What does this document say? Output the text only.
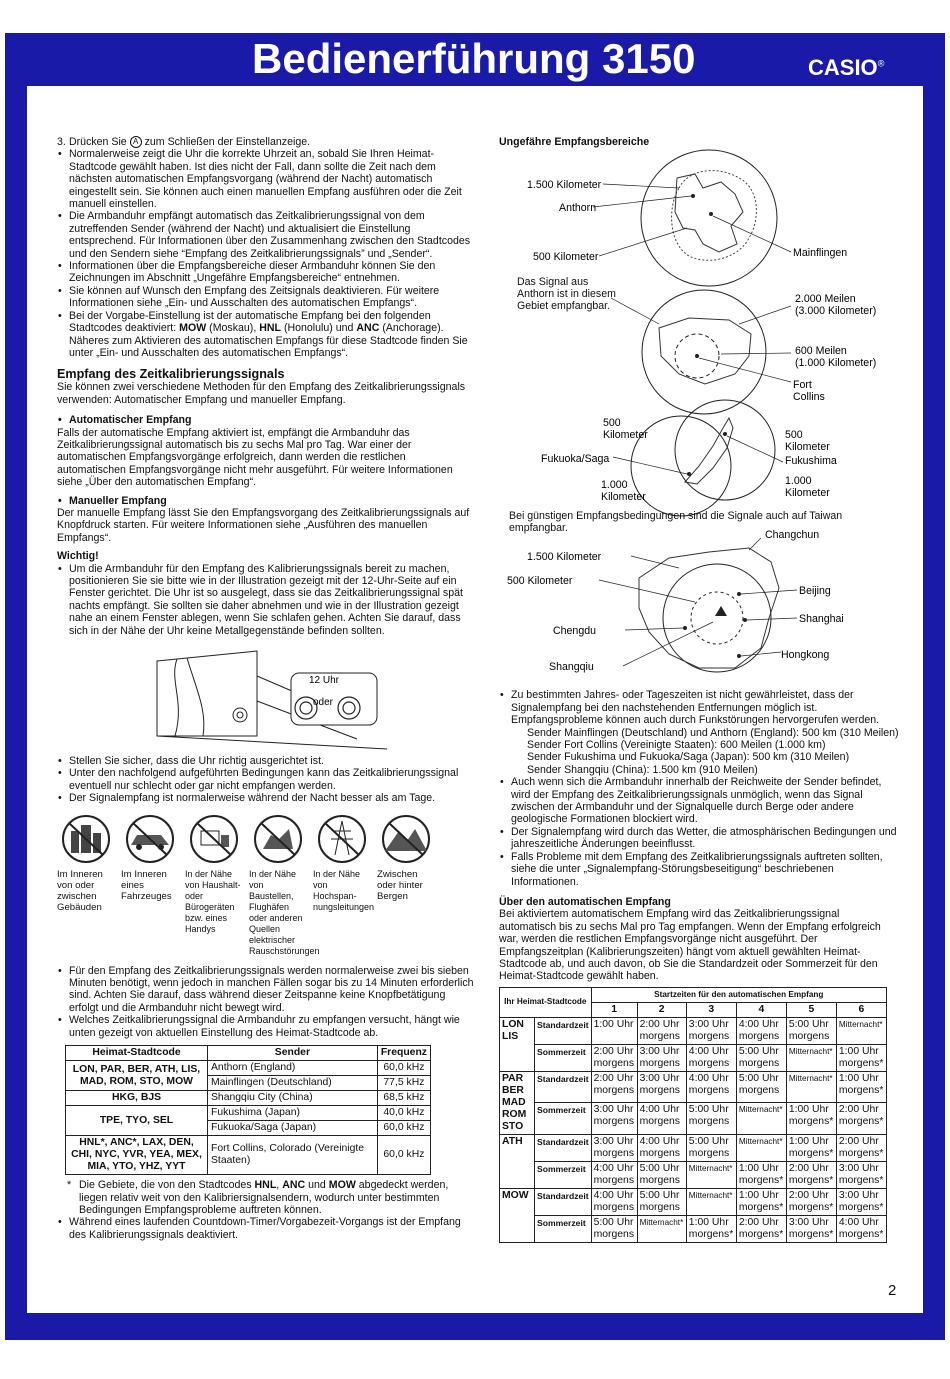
Bedienerführung 3150	CASIO®

3. Drücken Sie A zum Schließen der Einstellanzeige.

• Normalerweise zeigt die Uhr die korrekte Uhrzeit an, sobald Sie Ihren Heimat-Stadtcode gewählt haben. Ist dies nicht der Fall, dann sollte die Zeit nach dem nächsten automatischen Empfangsvorgang (während der Nacht) automatisch eingestellt sein. Sie können auch einen manuellen Empfang ausführen oder die Zeit manuell einstellen.

• Die Armbanduhr empfängt automatisch das Zeitkalibrierungssignal von dem zutreffenden Sender (während der Nacht) und aktualisiert die Einstellung entsprechend. Für Informationen über den Zusammenhang zwischen den Stadtcodes und den Sendern siehe “Empfang des Zeitkalibrierungssignals” und „Sender“.

• Informationen über die Empfangsbereiche dieser Armbanduhr können Sie den Zeichnungen im Abschnitt „Ungefähre Empfangsbereiche“ entnehmen.

• Sie können auf Wunsch den Empfang des Zeitsignals deaktivieren. Für weitere Informationen siehe „Ein- und Ausschalten des automatischen Empfangs“.

• Bei der Vorgabe-Einstellung ist der automatische Empfang bei den folgenden Stadtcodes deaktiviert: MOW (Moskau), HNL (Honolulu) und ANC (Anchorage). Näheres zum Aktivieren des automatischen Empfangs für diese Stadtcode finden Sie unter „Ein- und Ausschalten des automatischen Empfangs“.

Empfang des Zeitkalibrierungssignals

Sie können zwei verschiedene Methoden für den Empfang des Zeitkalibrierungssignals verwenden: Automatischer Empfang und manueller Empfang.

• Automatischer Empfang

Falls der automatische Empfang aktiviert ist, empfängt die Armbanduhr das Zeitkalibrierungssignal automatisch bis zu sechs Mal pro Tag. War einer der automatischen Empfangsvorgänge erfolgreich, dann werden die restlichen automatischen Empfangsvorgänge nicht mehr ausgeführt. Für weitere Informationen siehe „Über den automatischen Empfang“.

• Manueller Empfang

Der manuelle Empfang lässt Sie den Empfangsvorgang des Zeitkalibrierungssignals auf Knopfdruck starten. Für weitere Informationen siehe „Ausführen des manuellen Empfangs“.

Wichtig!

• Um die Armbanduhr für den Empfang des Kalibrierungssignals bereit zu machen, positionieren Sie sie bitte wie in der Illustration gezeigt mit der 12-Uhr-Seite auf ein Fenster gerichtet. Die Uhr ist so ausgelegt, dass sie das Zeitkalibrierungssignal spät nachts empfängt. Sie sollten sie daher abnehmen und wie in der Illustration gezeigt nahe an einem Fenster ablegen, wenn Sie schlafen gehen. Achten Sie darauf, dass sich in der Nähe der Uhr keine Metallgegenstände befinden sollten.

12 Uhr
oder

• Stellen Sie sicher, dass die Uhr richtig ausgerichtet ist.

• Unter den nachfolgend aufgeführten Bedingungen kann das Zeitkalibrierungssignal eventuell nur schlecht oder gar nicht empfangen werden.

• Der Signalempfang ist normalerweise während der Nacht besser als am Tage.

Im Inneren von oder zwischen Gebäuden
Im Inneren eines Fahrzeuges
In der Nähe von Haushalt- oder Bürogeräten bzw. eines Handys
In der Nähe von Baustellen, Flughäfen oder anderen Quellen elektrischer Rauschstörungen
In der Nähe von Hochspan-nungsleitungen
Zwischen oder hinter Bergen

• Für den Empfang des Zeitkalibrierungssignals werden normalerweise zwei bis sieben Minuten benötigt, wenn jedoch in manchen Fällen sogar bis zu 14 Minuten erforderlich sind. Achten Sie darauf, dass während dieser Zeitspanne keine Knopfbetätigung erfolgt und die Armbanduhr nicht bewegt wird.

• Welches Zeitkalibrierungssignal die Armbanduhr zu empfangen versucht, hängt wie unten gezeigt von aktuellen Einstellung des Heimat-Stadtcode ab.

Heimat-Stadtcode	Sender	Frequenz
LON, PAR, BER, ATH, LIS, MAD, ROM, STO, MOW	Anthorn (England)	60,0 kHz
	Mainflingen (Deutschland)	77,5 kHz
HKG, BJS	Shangqiu City (China)	68,5 kHz
TPE, TYO, SEL	Fukushima (Japan)	40,0 kHz
	Fukuoka/Saga (Japan)	60,0 kHz
HNL*, ANC*, LAX, DEN, CHI, NYC, YVR, YEA, MEX, MIA, YTO, YHZ, YYT	Fort Collins, Colorado (Vereinigte Staaten)	60,0 kHz

* Die Gebiete, die von den Stadtcodes HNL, ANC und MOW abgedeckt werden, liegen relativ weit von den Kalibriersignalsendern, wodurch unter bestimmten Bedingungen Empfangsprobleme auftreten können.

• Während eines laufenden Countdown-Timer/Vorgabezeit-Vorgangs ist der Empfang des Kalibrierungssignals deaktiviert.

Ungefähre Empfangsbereiche

1.500 Kilometer
Anthorn
500 Kilometer	Mainflingen
Das Signal aus Anthorn ist in diesem Gebiet empfangbar.
2.000 Meilen
(3.000 Kilometer)
600 Meilen
(1.000 Kilometer)
Fort
Collins
500
Kilometer
Fukuoka/Saga
1.000
Kilometer
500
Kilometer
Fukushima
1.000
Kilometer
Bei günstigen Empfangsbedingungen sind die Signale auch auf Taiwan empfangbar.
Changchun
1.500 Kilometer
500 Kilometer
Beijing
Chengdu
Shanghai
Hongkong
Shangqiu

• Zu bestimmten Jahres- oder Tageszeiten ist nicht gewährleistet, dass der Signalempfang bei den nachstehenden Entfernungen möglich ist. Empfangsprobleme können auch durch Funkstörungen hervorgerufen werden.

Sender Mainflingen (Deutschland) und Anthorn (England): 500 km (310 Meilen)

Sender Fort Collins (Vereinigte Staaten): 600 Meilen (1.000 km)

Sender Fukushima und Fukuoka/Saga (Japan): 500 km (310 Meilen)

Sender Shangqiu (China): 1.500 km (910 Meilen)

• Auch wenn sich die Armbanduhr innerhalb der Reichweite der Sender befindet, wird der Empfang des Zeitkalibrierungssignals unmöglich, wenn das Signal zwischen der Armbanduhr und der Signalquelle durch Berge oder andere geologische Formationen blockiert wird.

• Der Signalempfang wird durch das Wetter, die atmosphärischen Bedingungen und jahreszeitliche Änderungen beeinflusst.

• Falls Probleme mit dem Empfang des Zeitkalibrierungssignals auftreten sollten, siehe die unter „Signalempfang-Störungsbeseitigung“ beschriebenen Informationen.

Über den automatischen Empfang

Bei aktiviertem automatischem Empfang wird das Zeitkalibrierungssignal automatisch bis zu sechs Mal pro Tag empfangen. Wenn der Empfang erfolgreich war, werden die restlichen Empfangsvorgänge nicht ausgeführt. Der Empfangszeitplan (Kalibrierungszeiten) hängt vom aktuell gewählten Heimat-Stadtcode ab, und auch davon, ob Sie die Standardzeit oder Sommerzeit für den Heimat-Stadtcode gewählt haben.

Ihr Heimat-Stadtcode		Startzeiten für den automatischen Empfang					
		1	2	3	4	5	6
LON LIS	Standardzeit	1:00 Uhr	2:00 Uhr morgens	3:00 Uhr morgens	4:00 Uhr morgens	5:00 Uhr morgens	Mitternacht*
	Sommerzeit	2:00 Uhr morgens	3:00 Uhr morgens	4:00 Uhr morgens	5:00 Uhr morgens	Mitternacht*	1:00 Uhr morgens*
PAR BER MAD ROM STO	Standardzeit	2:00 Uhr morgens	3:00 Uhr morgens	4:00 Uhr morgens	5:00 Uhr morgens	Mitternacht*	1:00 Uhr morgens*
	Sommerzeit	3:00 Uhr morgens	4:00 Uhr morgens	5:00 Uhr morgens	Mitternacht*	1:00 Uhr morgens*	2:00 Uhr morgens*
ATH	Standardzeit	3:00 Uhr morgens	4:00 Uhr morgens	5:00 Uhr morgens	Mitternacht*	1:00 Uhr morgens*	2:00 Uhr morgens*
	Sommerzeit	4:00 Uhr morgens	5:00 Uhr morgens	Mitternacht*	1:00 Uhr morgens*	2:00 Uhr morgens*	3:00 Uhr morgens*
MOW	Standardzeit	4:00 Uhr morgens	5:00 Uhr morgens	Mitternacht*	1:00 Uhr morgens*	2:00 Uhr morgens*	3:00 Uhr morgens*
	Sommerzeit	5:00 Uhr morgens	Mitternacht*	1:00 Uhr morgens*	2:00 Uhr morgens*	3:00 Uhr morgens*	4:00 Uhr morgens*
2
